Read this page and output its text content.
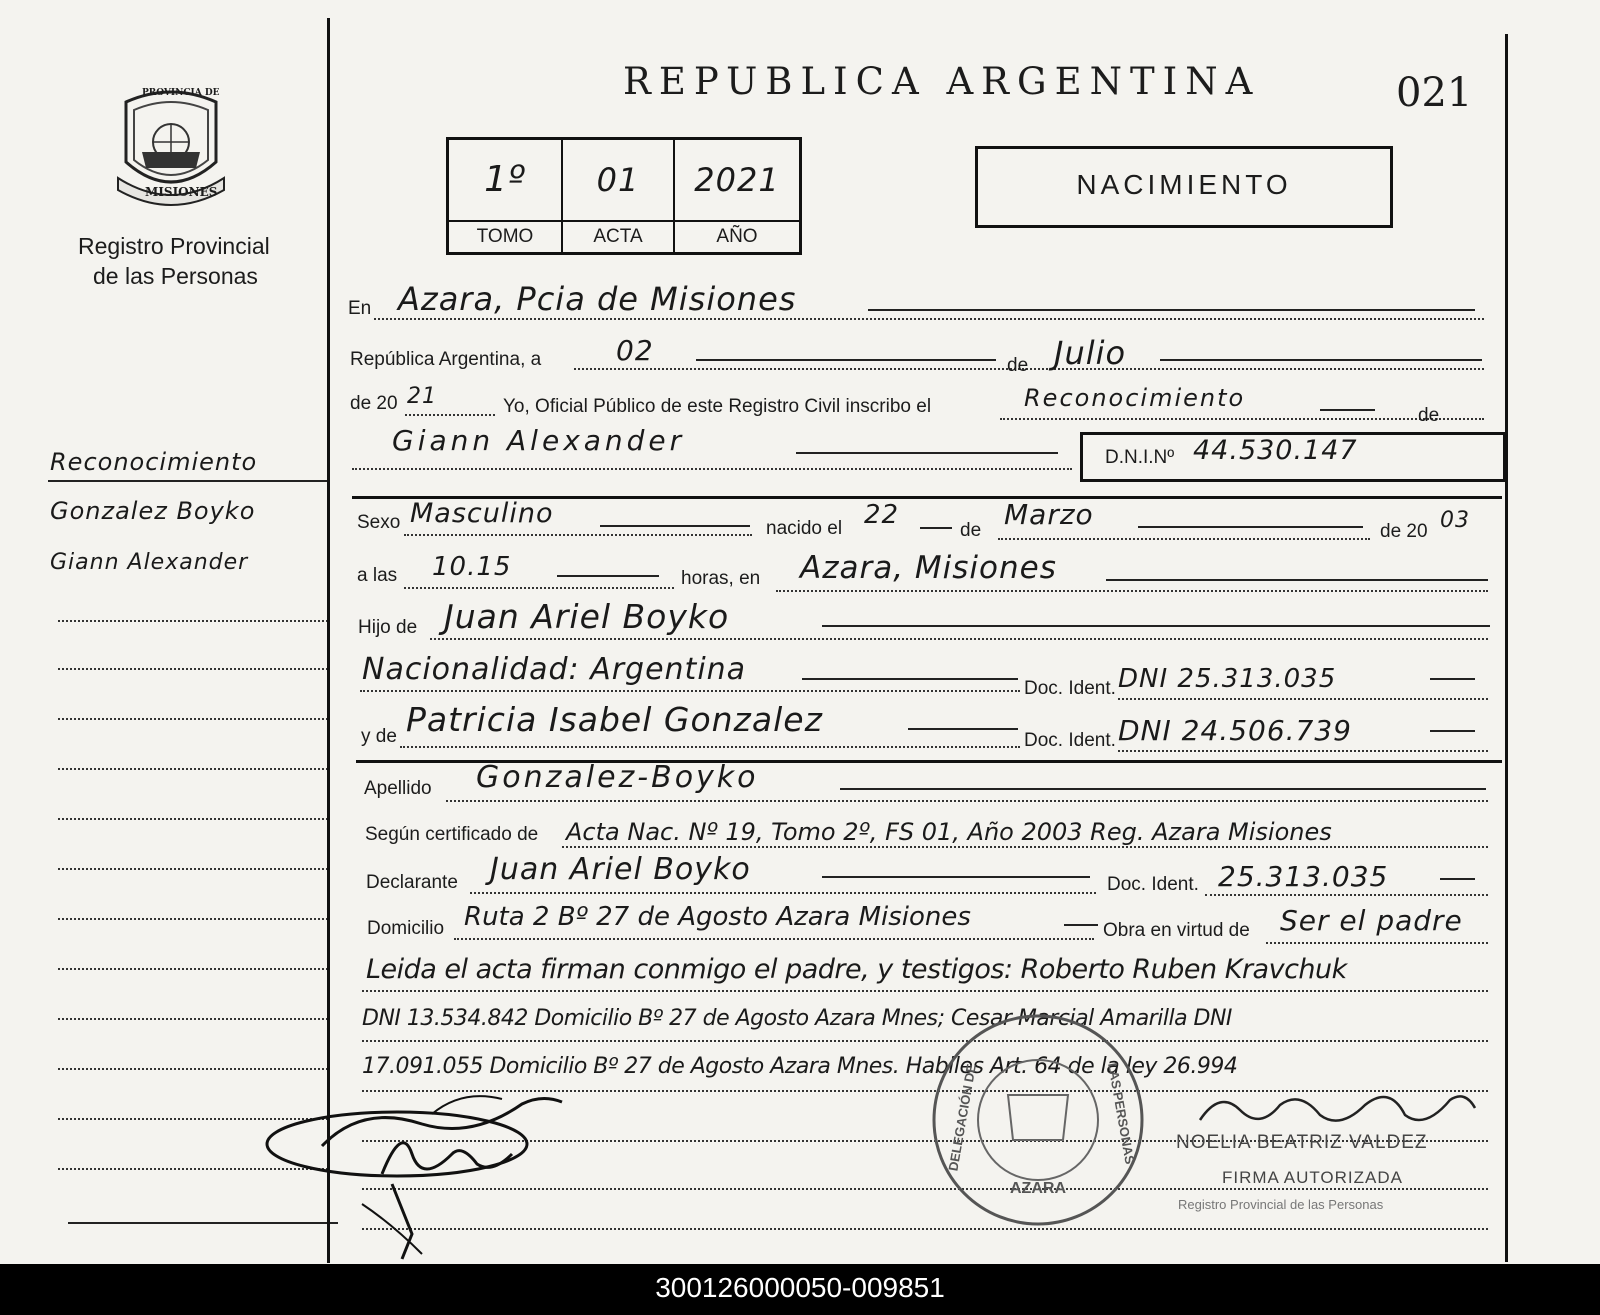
PROVINCIA DE
MISIONES
Registro Provincial
de las Personas
Reconocimiento
Gonzalez Boyko
Giann Alexander
REPUBLICA ARGENTINA	021
1º	01	2021
TOMO	ACTA	AÑO
NACIMIENTO
En Azara, Pcia de Misiones
República Argentina, a	02	de Julio
de 20 21	Yo, Oficial Público de este Registro Civil inscribo el	Reconocimiento
de
Giann Alexander
D.N.I.Nº 44.530.147
Sexo Masculino	nacido el 22
de Marzo
de 20 03
a las 10.15	horas, en Azara, Misiones
Hijo de Juan Ariel Boyko
Nacionalidad: Argentina
Doc. Ident. DNI 25.313.035
y de Patricia Isabel Gonzalez
Doc. Ident. DNI 24.506.739
Apellido Gonzalez-Boyko
Según certificado de Acta Nac. Nº 19, Tomo 2º, FS 01, Año 2003 Reg. Azara Misiones
Declarante Juan Ariel Boyko	Doc. Ident. 25.313.035
Domicilio Ruta 2 Bº 27 de Agosto Azara Misiones	Obra en virtud de Ser el padre
Leida el acta firman conmigo el padre, y testigos: Roberto Ruben Kravchuk
DNI 13.534.842 Domicilio Bº 27 de Agosto Azara Mnes; Cesar Marcial Amarilla DNI
17.091.055 Domicilio Bº 27 de Agosto Azara Mnes. Habiles Art. 64 de la ley 26.994
DELEGACIÓN DE	LAS PERSONAS
AZARA
NOELIA BEATRIZ VALDEZ
FIRMA AUTORIZADA
Registro Provincial de las Personas
300126000050-009851
